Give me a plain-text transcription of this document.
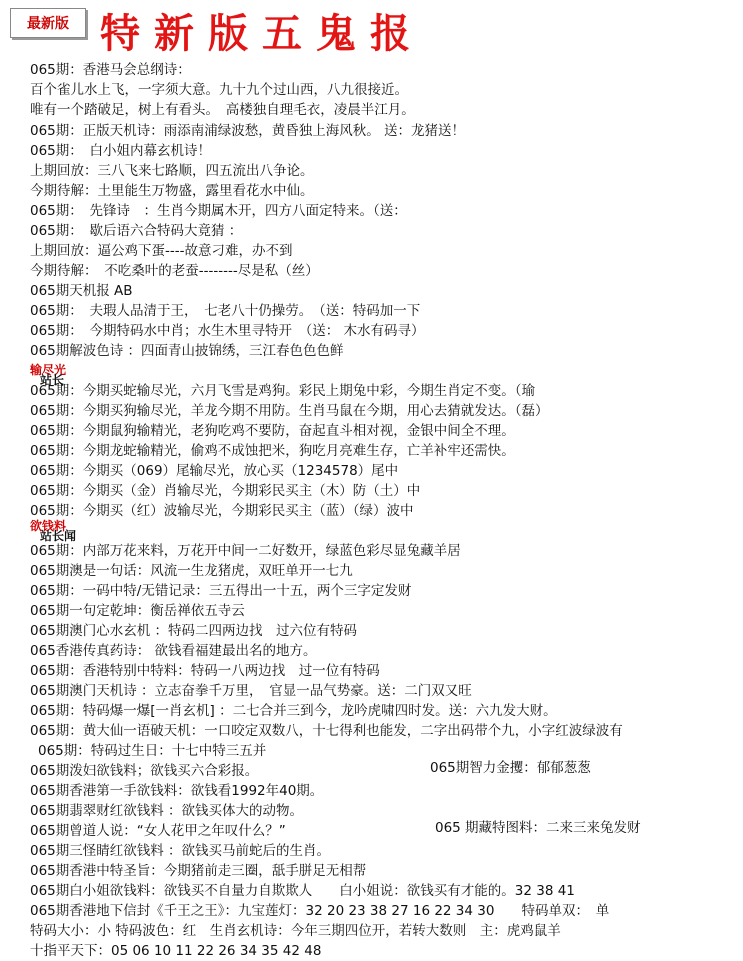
最新版 特新版五鬼报
065期：香港马会总纲诗：
百个雀儿水上飞，一字须大意。九十九个过山西，八九很接近。
唯有一个踏破足，树上有看头。　高楼独自理毛衣，凌晨半江月。
065期：正版天机诗：雨添南浦绿波愁，黄昏独上海风秋。 送：龙猪送！
065期：　白小姐内幕玄机诗！
上期回放：三八飞来七路顺，四五流出八争论。
今期待解：土里能生万物盛，露里看花水中仙。
065期：　先锋诗　：生肖今期属木开，四方八面定特来。（送：
065期：　歇后语六合特码大竟猜 ：
上期回放：逼公鸡下蛋----故意刁难，办不到
今期待解：　不吃桑叶的老蚕--------尽是私（丝）
065期天机报 AB
065期：　夫瑕人品清于王，　七老八十仍操劳。　（送：特码加一下
065期：　今期特码水中肖；水生木里寻特开　（送： 木水有码寻）
065期解波色诗 ：四面青山披锦绣，三江春色色色鲜
065期：今期买蛇输尽光，六月飞雪是鸡狗。彩民上期兔中彩，今期生肖定不变。（瑜
065期：今期买狗输尽光，羊龙今期不用防。生肖马鼠在今期，用心去猜就发达。（磊）
065期：今期鼠狗输精光，老狗吃鸡不要防，奋起直斗相对视，金银中间全不理。
065期：今期龙蛇输精光，偷鸡不成蚀把米，狗吃月亮难生存，亡羊补牢还需快。
065期：今期买（069）尾输尽光，放心买（1234578）尾中
065期：今期买（金）肖输尽光，今期彩民买主（木）防（土）中
065期：今期买（红）波输尽光，今期彩民买主（蓝）（绿）波中
065期：内部万花来料，万花开中间一二好数开，绿蓝色彩尽显兔藏羊居
065期澳是一句话：风流一生龙猪虎，双旺单开一七九
065期：一码中特/无错记录：三五得出一十五，两个三字定发财
065期一句定乾坤：衡岳禅依五寺云
065期澳门心水玄机 ：特码二四两边找　过六位有特码
065香港传真药诗： 欲钱看福建最出名的地方。
065期：香港特别中特料：特码一八两边找　过一位有特码
065期澳门天机诗 ：立志奋拳千万里，　官显一品气势豪。送：二门双又旺
065期：特码爆一爆[一肖玄机] ：二七合并三到今，龙吟虎啸四时发。送：六九发大财。
065期：黄大仙一语破天机：一口咬定双数八，十七得利也能发，二字出码带个九，小字红波绿波有
065期：特码过生日：十七中特三五并
065期泼妇欲钱料；欲钱买六合彩报。
065期香港第一手欲钱料：欲钱看1992年40期。
065期翡翠财红欲钱料 ：欲钱买体大的动物。
065期曾道人说：“女人花甲之年叹什么？”
065期三怪睛红欲钱料 ：欲钱买马前蛇后的生肖。
065期香港中特圣旨：今期猪前走三圈，舐手胼足无相帮
065期白小姐欲钱料：欲钱买不自量力自欺欺人　　白小姐说：欲钱买有才能的。32 38 41
065期香港地下信封《千王之王》：九宝莲灯：32 20 23 38 27 16 22 34 30　　特码单双：　单
特码大小：小 特码波色：红　生肖玄机诗：今年三期四位开，若转大数则　主：虎鸡鼠羊
十指平天下：05 06 10 11 22 26 34 35 42 48
输尽光
站长
欲钱料
站长闻
065期智力金攫：郁郁葱葱
065 期藏特图料：二来三来兔发财
